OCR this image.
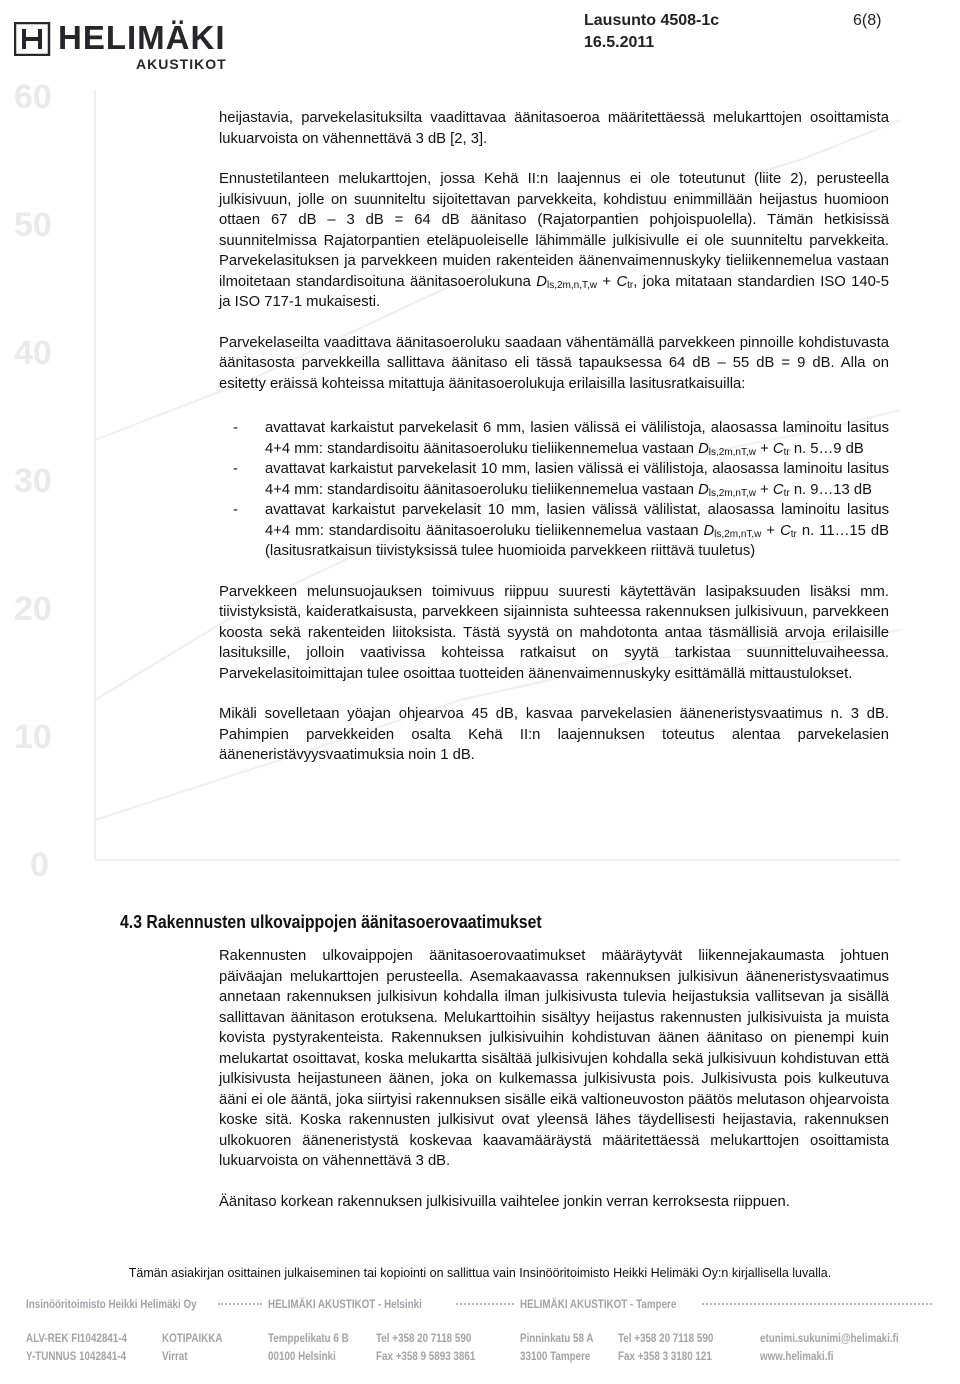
60
50
40
30
20
10
0
HELIMÄKI
AKUSTIKOT
Lausunto 4508-1c
16.5.2011
6(8)

heijastavia, parvekelasituksilta vaadittavaa äänitasoeroa määritettäessä melukarttojen osoittamista lukuarvoista on vähennettävä 3 dB [2, 3].

Ennustetilanteen melukarttojen, jossa Kehä II:n laajennus ei ole toteutunut (liite 2), perusteella julkisivuun, jolle on suunniteltu sijoitettavan parvekkeita, kohdistuu enimmillään heijastus huomioon ottaen 67 dB – 3 dB = 64 dB äänitaso (Rajatorpantien pohjoispuolella). Tämän hetkisissä suunnitelmissa Rajatorpantien eteläpuoleiselle lähimmälle julkisivulle ei ole suunniteltu parvekkeita. Parvekelasituksen ja parvekkeen muiden rakenteiden äänenvaimennuskyky tieliikennemelua vastaan ilmoitetaan standardisoituna äänitasoerolukuna $D_{ls,2m,n,T,w} + C_{tr}$, joka mitataan standardien ISO 140-5 ja ISO 717-1 mukaisesti.

Parvekelaseilta vaadittava äänitasoeroluku saadaan vähentämällä parvekkeen pinnoille kohdistuvasta äänitasosta parvekkeilla sallittava äänitaso eli tässä tapauksessa 64 dB – 55 dB = 9 dB. Alla on esitetty eräissä kohteissa mitattuja äänitasoerolukuja erilaisilla lasitusratkaisuilla:

- avattavat karkaistut parvekelasit 6 mm, lasien välissä ei välilistoja, alaosassa laminoitu lasitus 4+4 mm: standardisoitu äänitasoeroluku tieliikennemelua vastaan $D_{ls,2m,nT,w} + C_{tr}$ n. 5…9 dB
- avattavat karkaistut parvekelasit 10 mm, lasien välissä ei välilistoja, alaosassa laminoitu lasitus 4+4 mm: standardisoitu äänitasoeroluku tieliikennemelua vastaan $D_{ls,2m,nT,w} + C_{tr}$ n. 9…13 dB
- avattavat karkaistut parvekelasit 10 mm, lasien välissä välilistat, alaosassa laminoitu lasitus 4+4 mm: standardisoitu äänitasoeroluku tieliikennemelua vastaan $D_{ls,2m,nT,w} + C_{tr}$ n. 11…15 dB (lasitusratkaisun tiivistyksissä tulee huomioida parvekkeen riittävä tuuletus)

Parvekkeen melunsuojauksen toimivuus riippuu suuresti käytettävän lasipaksuuden lisäksi mm. tiivistyksistä, kaideratkaisusta, parvekkeen sijainnista suhteessa rakennuksen julkisivuun, parvekkeen koosta sekä rakenteiden liitoksista. Tästä syystä on mahdotonta antaa täsmällisiä arvoja erilaisille lasituksille, jolloin vaativissa kohteissa ratkaisut on syytä tarkistaa suunnitteluvaiheessa. Parvekelasitoimittajan tulee osoittaa tuotteiden äänenvaimennuskyky esittämällä mittaustulokset.

Mikäli sovelletaan yöajan ohjearvoa 45 dB, kasvaa parvekelasien ääneneristysvaatimus n. 3 dB. Pahimpien parvekkeiden osalta Kehä II:n laajennuksen toteutus alentaa parvekelasien ääneneristävyysvaatimuksia noin 1 dB.

4.3 Rakennusten ulkovaippojen äänitasoerovaatimukset

Rakennusten ulkovaippojen äänitasoerovaatimukset määräytyvät liikennejakaumasta johtuen päiväajan melukarttojen perusteella. Asemakaavassa rakennuksen julkisivun ääneneristysvaatimus annetaan rakennuksen julkisivun kohdalla ilman julkisivusta tulevia heijastuksia vallitsevan ja sisällä sallittavan äänitason erotuksena. Melukarttoihin sisältyy heijastus rakennusten julkisivuista ja muista kovista pystyrakenteista. Rakennuksen julkisivuihin kohdistuvan äänen äänitaso on pienempi kuin melukartat osoittavat, koska melukartta sisältää julkisivujen kohdalla sekä julkisivuun kohdistuvan että julkisivusta heijastuneen äänen, joka on kulkemassa julkisivusta pois. Julkisivusta pois kulkeutuva ääni ei ole ääntä, joka siirtyisi rakennuksen sisälle eikä valtioneuvoston päätös melutason ohjearvoista koske sitä. Koska rakennusten julkisivut ovat yleensä lähes täydellisesti heijastavia, rakennuksen ulkokuoren ääneneristystä koskevaa kaavamääräystä määritettäessä melukarttojen osoittamista lukuarvoista on vähennettävä 3 dB.

Äänitaso korkean rakennuksen julkisivuilla vaihtelee jonkin verran kerroksesta riippuen.

Tämän asiakirjan osittainen julkaiseminen tai kopiointi on sallittua vain Insinööritoimisto Heikki Helimäki Oy:n kirjallisella luvalla.
Insinööritoimisto Heikki Helimäki Oy	HELIMÄKI AKUSTIKOT - Helsinki	HELIMÄKI AKUSTIKOT - Tampere
ALV-REK FI1042841-4
Y-TUNNUS 1042841-4
KOTIPAIKKA
Virrat
Temppelikatu 6 B
00100 Helsinki
Tel +358 20 7118 590
Fax +358 9 5893 3861
Pinninkatu 58 A
33100 Tampere
Tel +358 20 7118 590
Fax +358 3 3180 121
etunimi.sukunimi@helimaki.fi
www.helimaki.fi
